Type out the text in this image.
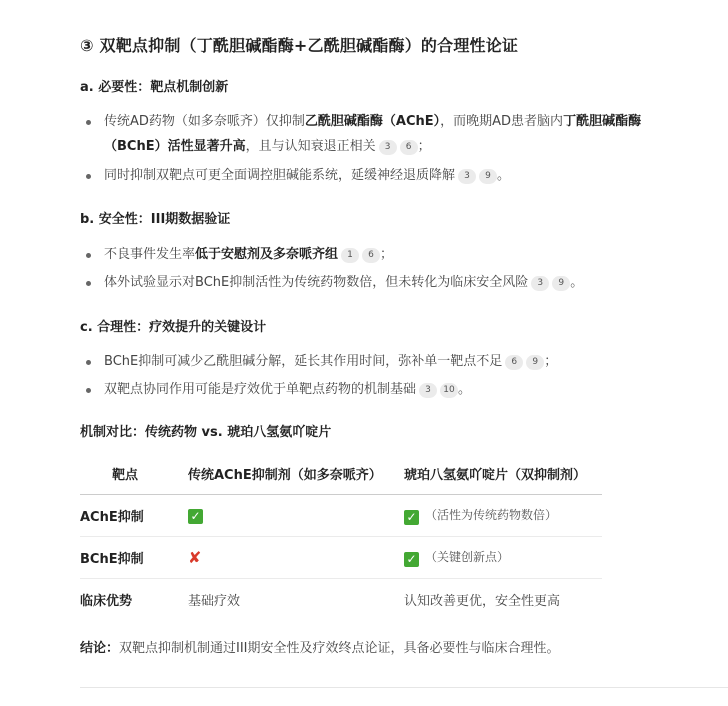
③ 双靶点抑制（丁酰胆碱酯酶+乙酰胆碱酯酶）的合理性论证
a. 必要性：靶点机制创新
传统AD药物（如多奈哌齐）仅抑制乙酰胆碱酯酶（AChE），而晚期AD患者脑内丁酰胆碱酯酶
（BChE）活性显著升高，且与认知衰退正相关 3 6 ；
同时抑制双靶点可更全面调控胆碱能系统，延缓神经退质降解 3 9 。
b. 安全性：III期数据验证
不良事件发生率低于安慰剂及多奈哌齐组 1 6 ；
体外试验显示对BChE抑制活性为传统药物数倍，但未转化为临床安全风险 3 9 。
c. 合理性：疗效提升的关键设计
BChE抑制可减少乙酰胆碱分解，延长其作用时间，弥补单一靶点不足 6 9 ；
双靶点协同作用可能是疗效优于单靶点药物的机制基础 3 10 。
机制对比：传统药物 vs. 琥珀八氢氨吖啶片
靶点	传统AChE抑制剂（如多奈哌齐）	琥珀八氢氨吖啶片（双抑制剂）
AChE抑制	✓	✓ （活性为传统药物数倍）
BChE抑制	✘	✓ （关键创新点）
临床优势	基础疗效	认知改善更优，安全性更高
结论：双靶点抑制机制通过III期安全性及疗效终点论证，具备必要性与临床合理性。
